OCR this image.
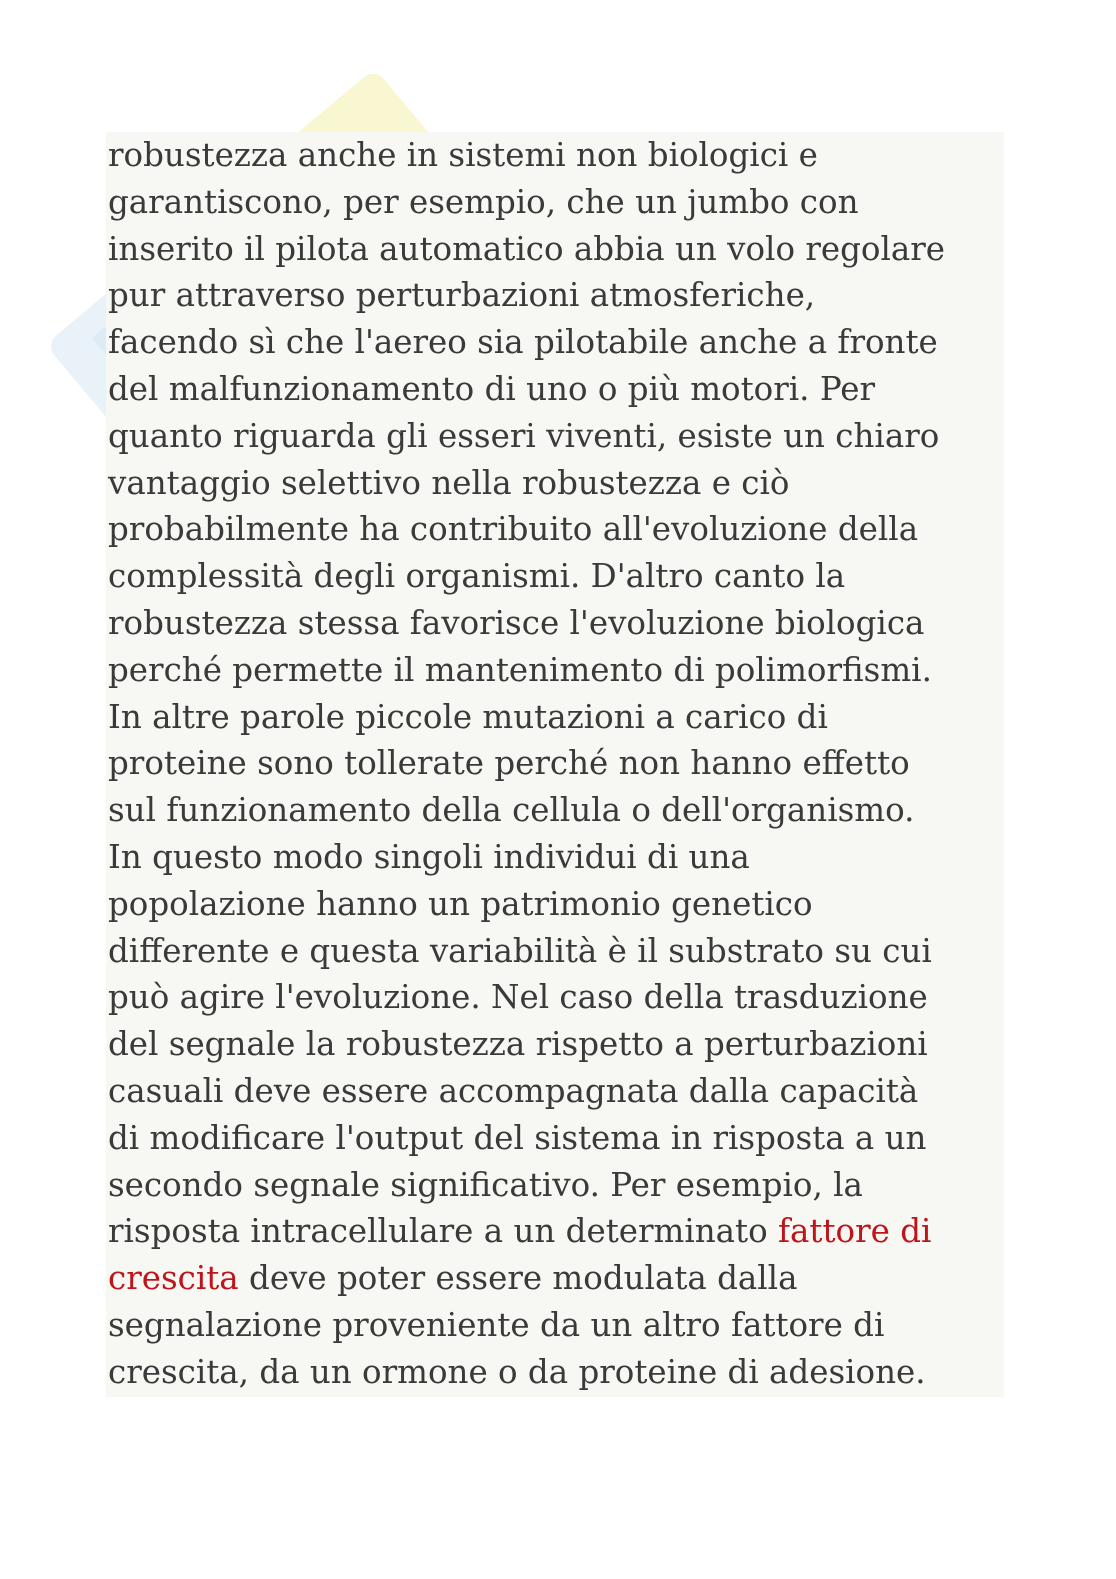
robustezza anche in sistemi non biologici e
garantiscono, per esempio, che un jumbo con
inserito il pilota automatico abbia un volo regolare
pur attraverso perturbazioni atmosferiche,
facendo sì che l'aereo sia pilotabile anche a fronte
del malfunzionamento di uno o più motori. Per
quanto riguarda gli esseri viventi, esiste un chiaro
vantaggio selettivo nella robustezza e ciò
probabilmente ha contribuito all'evoluzione della
complessità degli organismi. D'altro canto la
robustezza stessa favorisce l'evoluzione biologica
perché permette il mantenimento di polimorfismi.
In altre parole piccole mutazioni a carico di
proteine sono tollerate perché non hanno effetto
sul funzionamento della cellula o dell'organismo.
In questo modo singoli individui di una
popolazione hanno un patrimonio genetico
differente e questa variabilità è il substrato su cui
può agire l'evoluzione. Nel caso della trasduzione
del segnale la robustezza rispetto a perturbazioni
casuali deve essere accompagnata dalla capacità
di modificare l'output del sistema in risposta a un
secondo segnale significativo. Per esempio, la
risposta intracellulare a un determinato fattore di
crescita deve poter essere modulata dalla
segnalazione proveniente da un altro fattore di
crescita, da un ormone o da proteine di adesione.
